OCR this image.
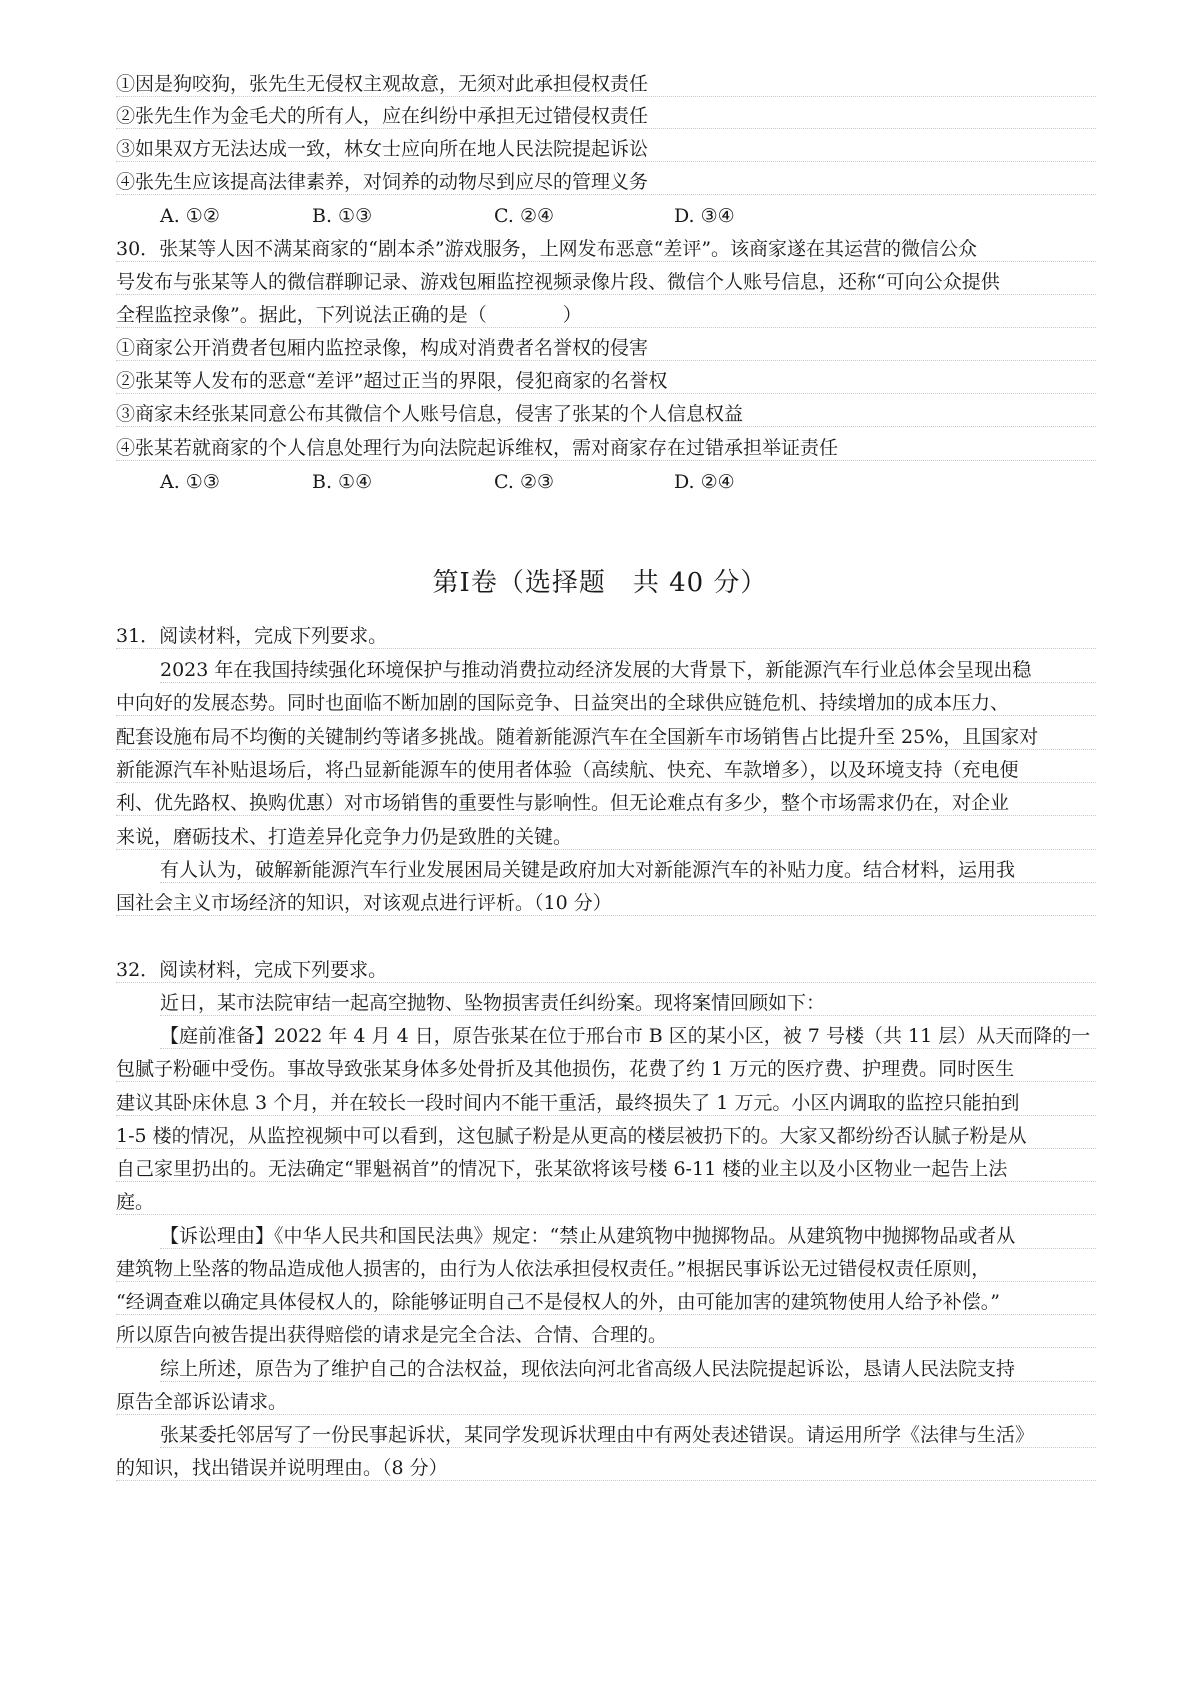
①因是狗咬狗，张先生无侵权主观故意，无须对此承担侵权责任
②张先生作为金毛犬的所有人，应在纠纷中承担无过错侵权责任
③如果双方无法达成一致，林女士应向所在地人民法院提起诉讼
④张先生应该提高法律素养，对饲养的动物尽到应尽的管理义务
A. ①②	B. ①③	C. ②④	D. ③④
30．张某等人因不满某商家的“剧本杀”游戏服务，上网发布恶意“差评”。该商家遂在其运营的微信公众
号发布与张某等人的微信群聊记录、游戏包厢监控视频录像片段、微信个人账号信息，还称“可向公众提供
全程监控录像”。据此，下列说法正确的是（　　　　）
①商家公开消费者包厢内监控录像，构成对消费者名誉权的侵害
②张某等人发布的恶意“差评”超过正当的界限，侵犯商家的名誉权
③商家未经张某同意公布其微信个人账号信息，侵害了张某的个人信息权益
④张某若就商家的个人信息处理行为向法院起诉维权，需对商家存在过错承担举证责任
A. ①③	B. ①④	C. ②③	D. ②④
第Ⅰ卷（选择题　共 40 分）
31．阅读材料，完成下列要求。
2023 年在我国持续强化环境保护与推动消费拉动经济发展的大背景下，新能源汽车行业总体会呈现出稳
中向好的发展态势。同时也面临不断加剧的国际竞争、日益突出的全球供应链危机、持续增加的成本压力、
配套设施布局不均衡的关键制约等诸多挑战。随着新能源汽车在全国新车市场销售占比提升至 25%，且国家对
新能源汽车补贴退场后，将凸显新能源车的使用者体验（高续航、快充、车款增多），以及环境支持（充电便
利、优先路权、换购优惠）对市场销售的重要性与影响性。但无论难点有多少，整个市场需求仍在，对企业
来说，磨砺技术、打造差异化竞争力仍是致胜的关键。
有人认为，破解新能源汽车行业发展困局关键是政府加大对新能源汽车的补贴力度。结合材料，运用我
国社会主义市场经济的知识，对该观点进行评析。（10 分）
32．阅读材料，完成下列要求。
近日，某市法院审结一起高空抛物、坠物损害责任纠纷案。现将案情回顾如下：
【庭前准备】2022 年 4 月 4 日，原告张某在位于邢台市 B 区的某小区，被 7 号楼（共 11 层）从天而降的一
包腻子粉砸中受伤。事故导致张某身体多处骨折及其他损伤，花费了约 1 万元的医疗费、护理费。同时医生
建议其卧床休息 3 个月，并在较长一段时间内不能干重活，最终损失了 1 万元。小区内调取的监控只能拍到
1-5 楼的情况，从监控视频中可以看到，这包腻子粉是从更高的楼层被扔下的。大家又都纷纷否认腻子粉是从
自己家里扔出的。无法确定“罪魁祸首”的情况下，张某欲将该号楼 6-11 楼的业主以及小区物业一起告上法
庭。
【诉讼理由】《中华人民共和国民法典》规定：“禁止从建筑物中抛掷物品。从建筑物中抛掷物品或者从
建筑物上坠落的物品造成他人损害的，由行为人依法承担侵权责任。”根据民事诉讼无过错侵权责任原则，
“经调查难以确定具体侵权人的，除能够证明自己不是侵权人的外，由可能加害的建筑物使用人给予补偿。”
所以原告向被告提出获得赔偿的请求是完全合法、合情、合理的。
综上所述，原告为了维护自己的合法权益，现依法向河北省高级人民法院提起诉讼，恳请人民法院支持
原告全部诉讼请求。
张某委托邻居写了一份民事起诉状，某同学发现诉状理由中有两处表述错误。请运用所学《法律与生活》
的知识，找出错误并说明理由。（8 分）
